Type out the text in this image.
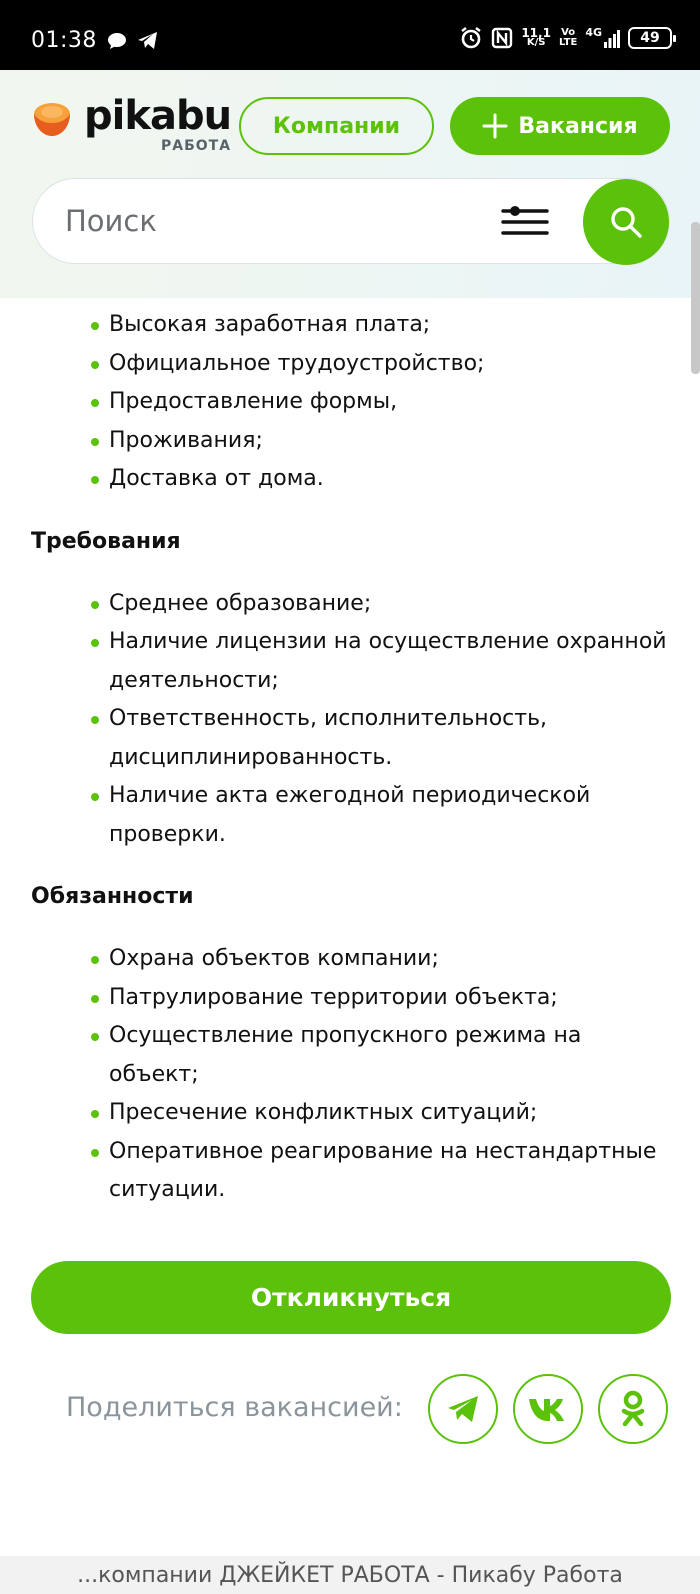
01:38	11,1
K/S
Vo
LTE
4G	49
pikabu
РАБОТА
Компании	Вакансия
Поиск
Высокая заработная плата;
Официальное трудоустройство;
Предоставление формы,
Проживания;
Доставка от дома.
Требования
Среднее образование;
Наличие лицензии на осуществление охранной деятельности;
Ответственность, исполнительность, дисциплинированность.
Наличие акта ежегодной периодической проверки.
Обязанности
Охрана объектов компании;
Патрулирование территории объекта;
Осуществление пропускного режима на объект;
Пресечение конфликтных ситуаций;
Оперативное реагирование на нестандартные ситуации.
Откликнуться
Поделиться вакансией:
...компании ДЖЕЙКЕТ РАБОТА - Пикабу Работа
